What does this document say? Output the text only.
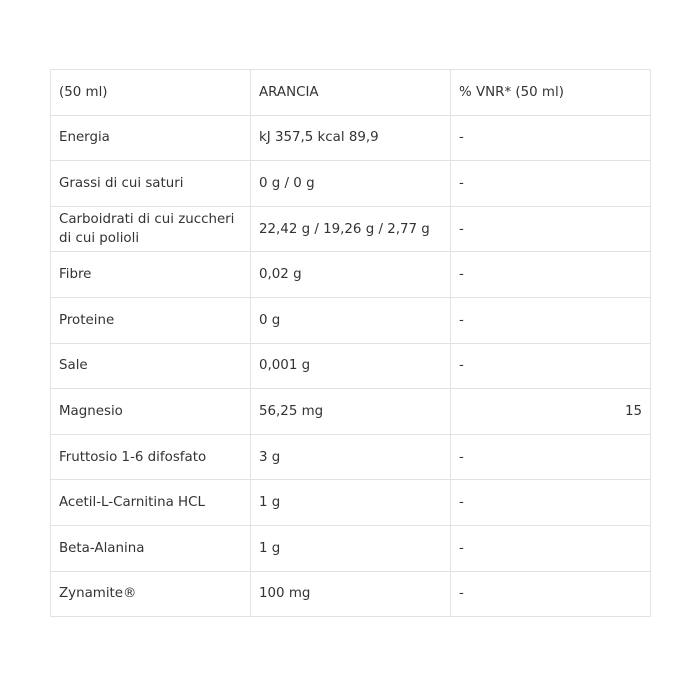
(50 ml)	ARANCIA	% VNR* (50 ml)
Energia	kJ 357,5 kcal 89,9	-
Grassi di cui saturi	0 g / 0 g	-
Carboidrati di cui zuccheri di cui polioli	22,42 g / 19,26 g / 2,77 g	-
Fibre	0,02 g	-
Proteine	0 g	-
Sale	0,001 g	-
Magnesio	56,25 mg	15
Fruttosio 1-6 difosfato	3 g	-
Acetil-L-Carnitina HCL	1 g	-
Beta-Alanina	1 g	-
Zynamite®	100 mg	-
